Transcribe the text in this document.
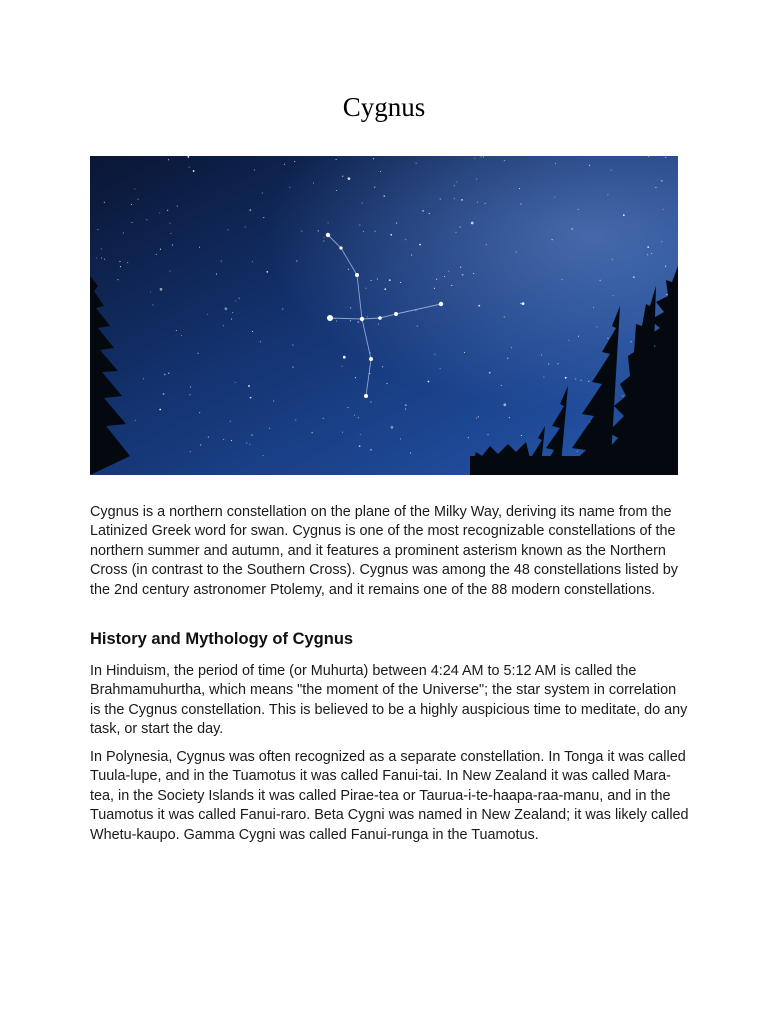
Cygnus

Cygnus is a northern constellation on the plane of the Milky Way, deriving its name from the Latinized Greek word for swan. Cygnus is one of the most recognizable constellations of the northern summer and autumn, and it features a prominent asterism known as the Northern Cross (in contrast to the Southern Cross). Cygnus was among the 48 constellations listed by the 2nd century astronomer Ptolemy, and it remains one of the 88 modern constellations.

History and Mythology of Cygnus

In Hinduism, the period of time (or Muhurta) between 4:24 AM to 5:12 AM is called the Brahmamuhurtha, which means "the moment of the Universe"; the star system in correlation is the Cygnus constellation. This is believed to be a highly auspicious time to meditate, do any task, or start the day.

In Polynesia, Cygnus was often recognized as a separate constellation. In Tonga it was called Tuula-lupe, and in the Tuamotus it was called Fanui-tai. In New Zealand it was called Mara-tea, in the Society Islands it was called Pirae-tea or Taurua-i-te-haapa-raa-manu, and in the Tuamotus it was called Fanui-raro. Beta Cygni was named in New Zealand; it was likely called Whetu-kaupo. Gamma Cygni was called Fanui-runga in the Tuamotus.
